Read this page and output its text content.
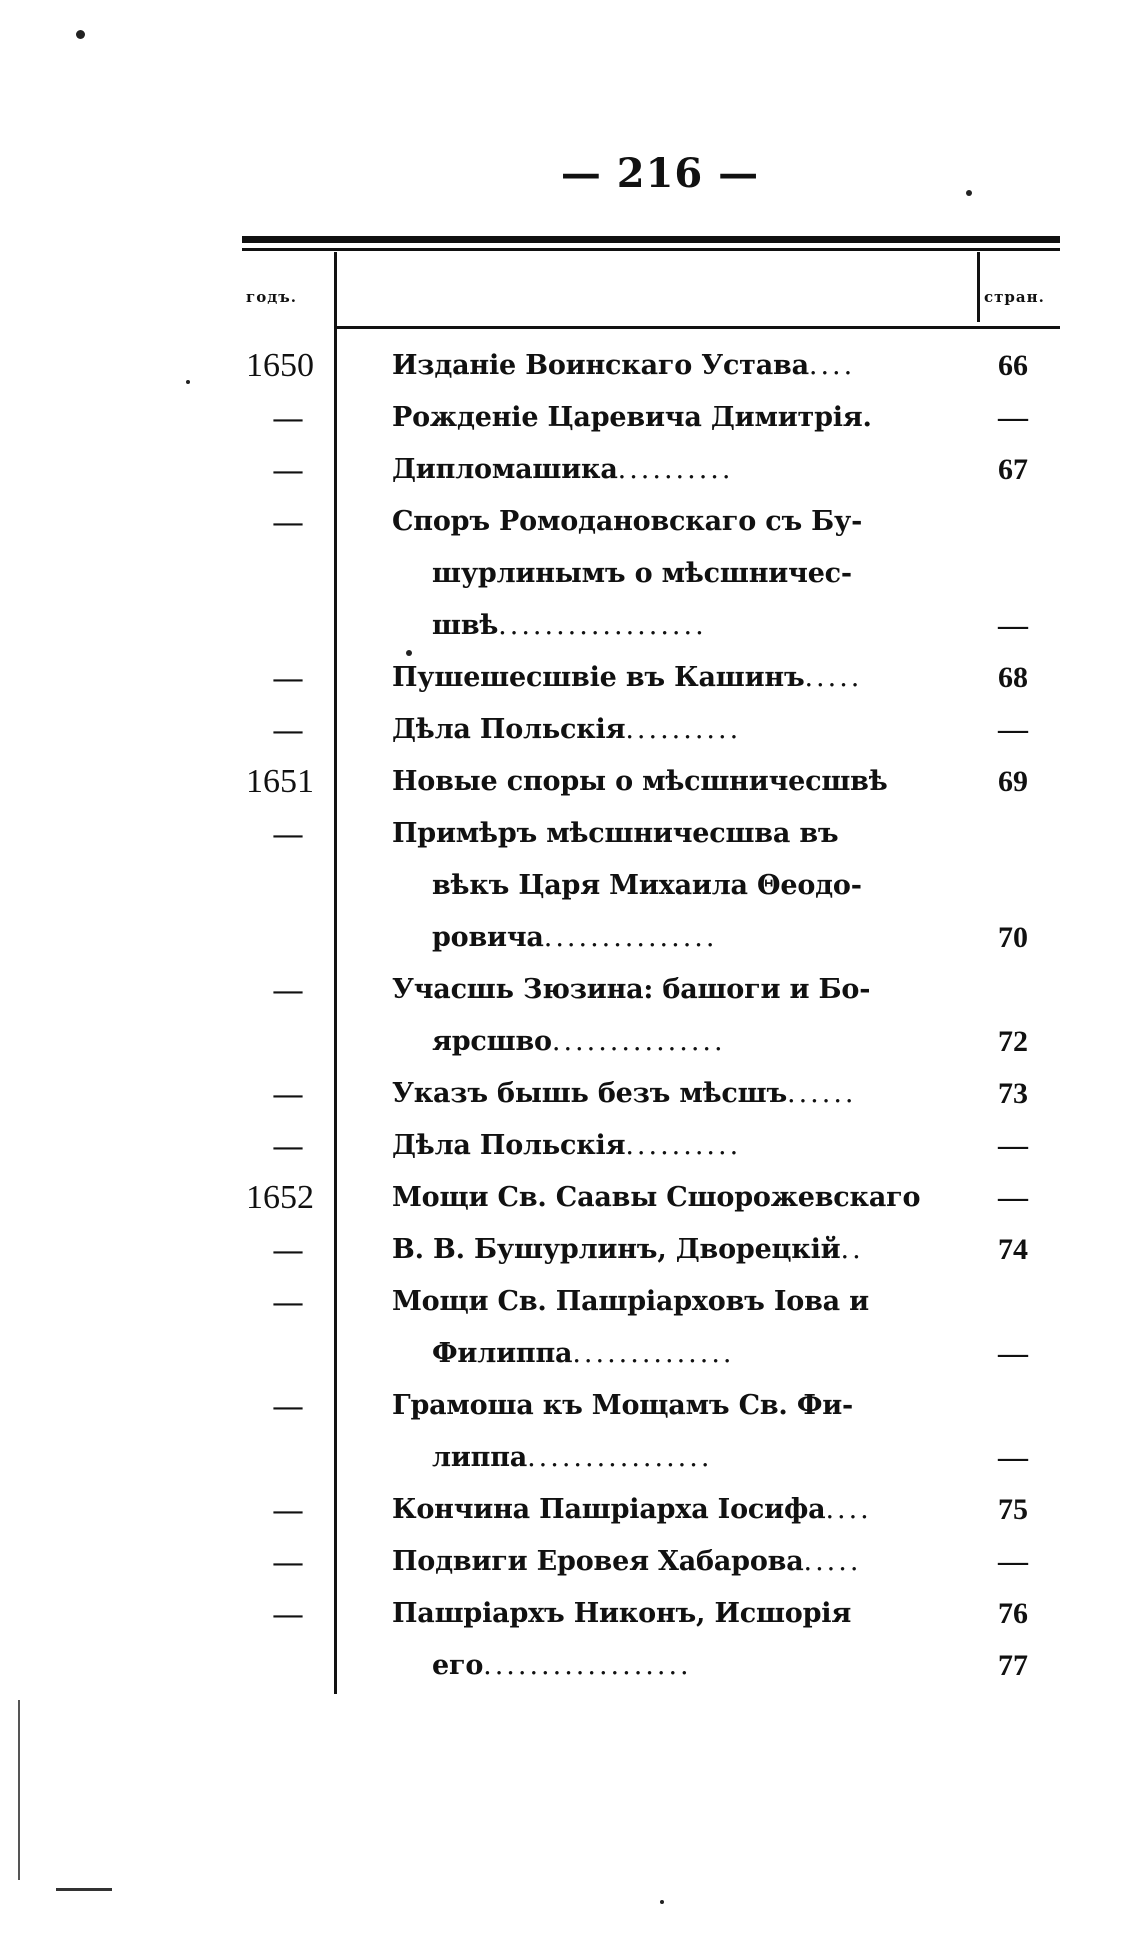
— 216 —
годъ.	стран.
1650	Изданіе Воинскаго Устава....	66
—	Рожденіе Царевича Димитрія.	—
—	Дипломашика..........	67
—	Споръ Ромодановскаго съ Бу-
шурлинымъ о мѣсшничес-
швѣ..................	—
—	Пушешесшвіе въ Кашинъ.....	68
—	Дѣла Польскія..........	—
1651	Новые споры о мѣсшничесшвѣ	69
—	Примѣръ мѣсшничесшва въ
вѣкъ Царя Михаила Θеодо-
ровича...............	70
—	Учасшь Зюзина: башоги и Бо-
ярсшво...............	72
—	Указъ бышь безъ мѣсшъ......	73
—	Дѣла Польскія..........	—
1652	Мощи Св. Саавы Сшорожевскаго	—
—	В. В. Бушурлинъ, Дворецкій..	74
—	Мощи Св. Пашріарховъ Іова и
Филиппа..............	—
—	Грамоша къ Мощамъ Св. Фи-
липпа................	—
—	Кончина Пашріарха Іосифа....	75
—	Подвиги Еровея Хабарова.....	—
—	Пашріархъ Никонъ, Исшорія	76
его..................	77
